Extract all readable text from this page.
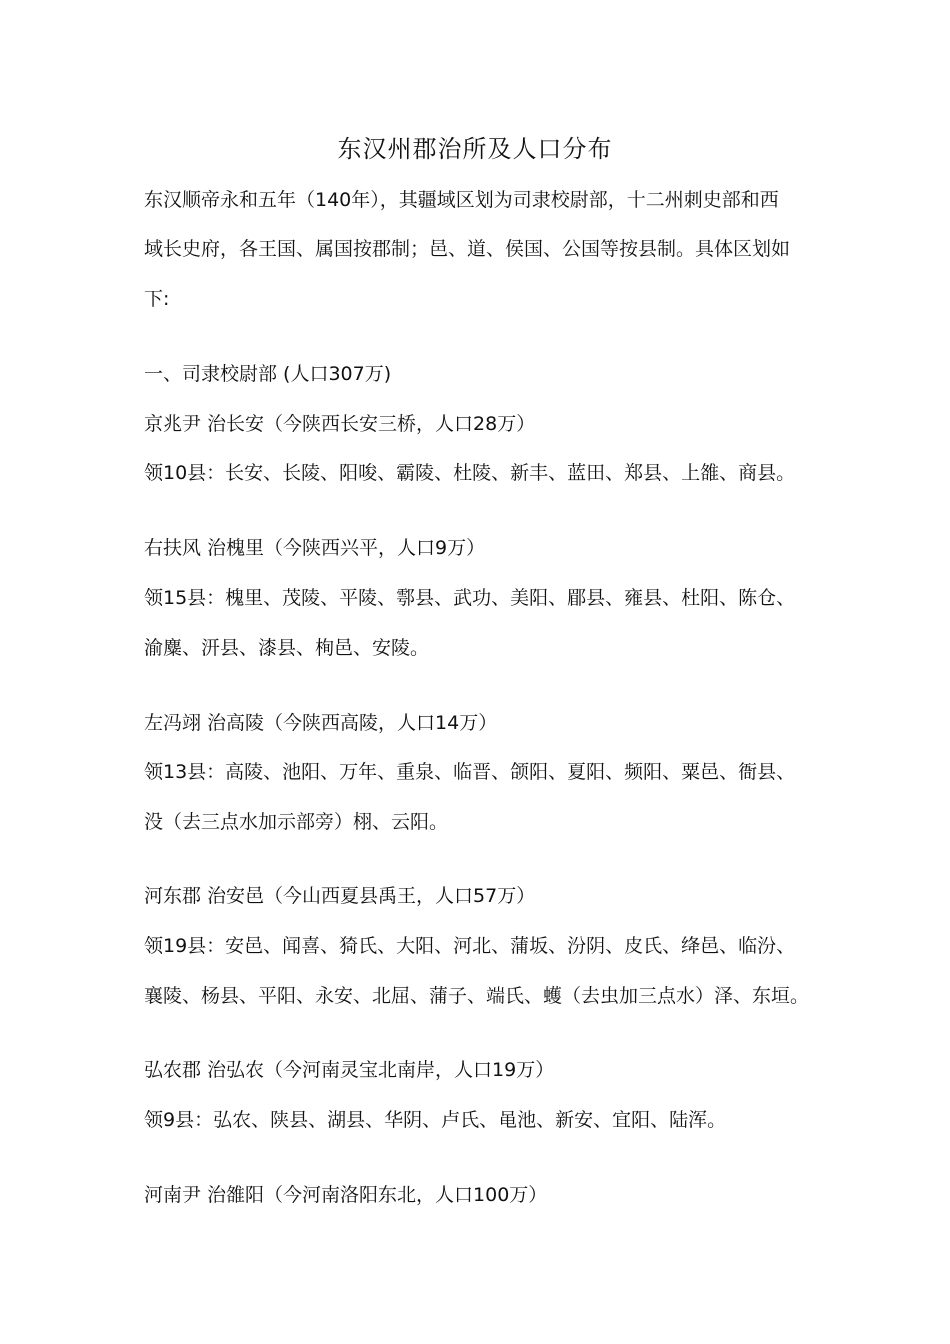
东汉州郡治所及人口分布
东汉顺帝永和五年（140年），其疆域区划为司隶校尉部，十二州刺史部和西
域长史府，各王国、属国按郡制；邑、道、侯国、公国等按县制。具体区划如
下:
一、司隶校尉部 (人口307万)
京兆尹 治长安（今陕西长安三桥，人口28万）
领10县：长安、长陵、阳唆、霸陵、杜陵、新丰、蓝田、郑县、上雒、商县。
右扶风 治槐里（今陕西兴平，人口9万）
领15县：槐里、茂陵、平陵、鄠县、武功、美阳、郿县、雍县、杜阳、陈仓、
渝麋、汧县、漆县、栒邑、安陵。
左冯翊 治高陵（今陕西高陵，人口14万）
领13县：高陵、池阳、万年、重泉、临晋、颌阳、夏阳、频阳、粟邑、衙县、
没（去三点水加示部旁）栩、云阳。
河东郡 治安邑（今山西夏县禹王，人口57万）
领19县：安邑、闻喜、猗氏、大阳、河北、蒲坂、汾阴、皮氏、绛邑、临汾、
襄陵、杨县、平阳、永安、北屈、蒲子、端氏、蠖（去虫加三点水）泽、东垣。
弘农郡 治弘农（今河南灵宝北南岸，人口19万）
领9县：弘农、陕县、湖县、华阴、卢氏、黾池、新安、宜阳、陆浑。
河南尹 治雒阳（今河南洛阳东北，人口100万）
